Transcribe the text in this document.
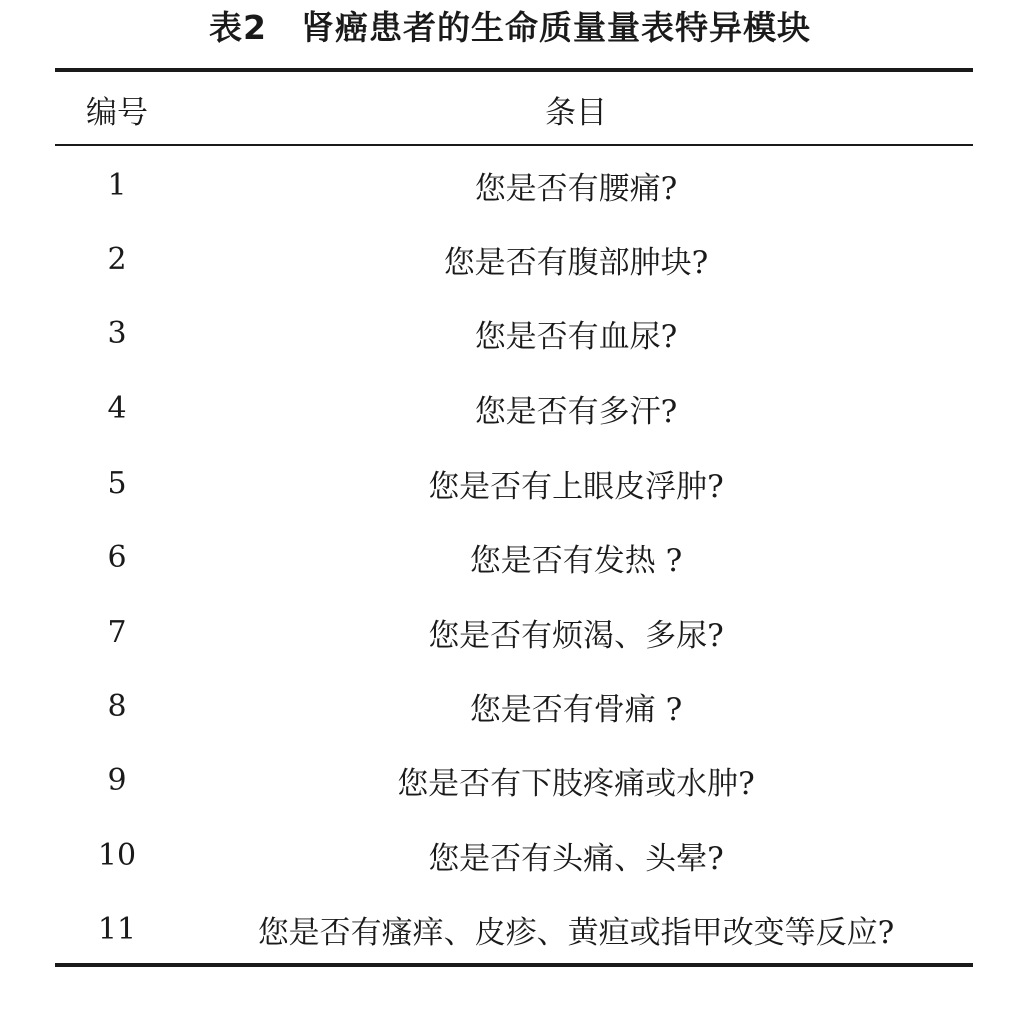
表2 肾癌患者的生命质量量表特异模块
编号	条目
1	您是否有腰痛?
2	您是否有腹部肿块?
3	您是否有血尿?
4	您是否有多汗?
5	您是否有上眼皮浮肿?
6	您是否有发热 ?
7	您是否有烦渴、多尿?
8	您是否有骨痛 ?
9	您是否有下肢疼痛或水肿?
10	您是否有头痛、头晕?
11	您是否有瘙痒、皮疹、黄疸或指甲改变等反应?
